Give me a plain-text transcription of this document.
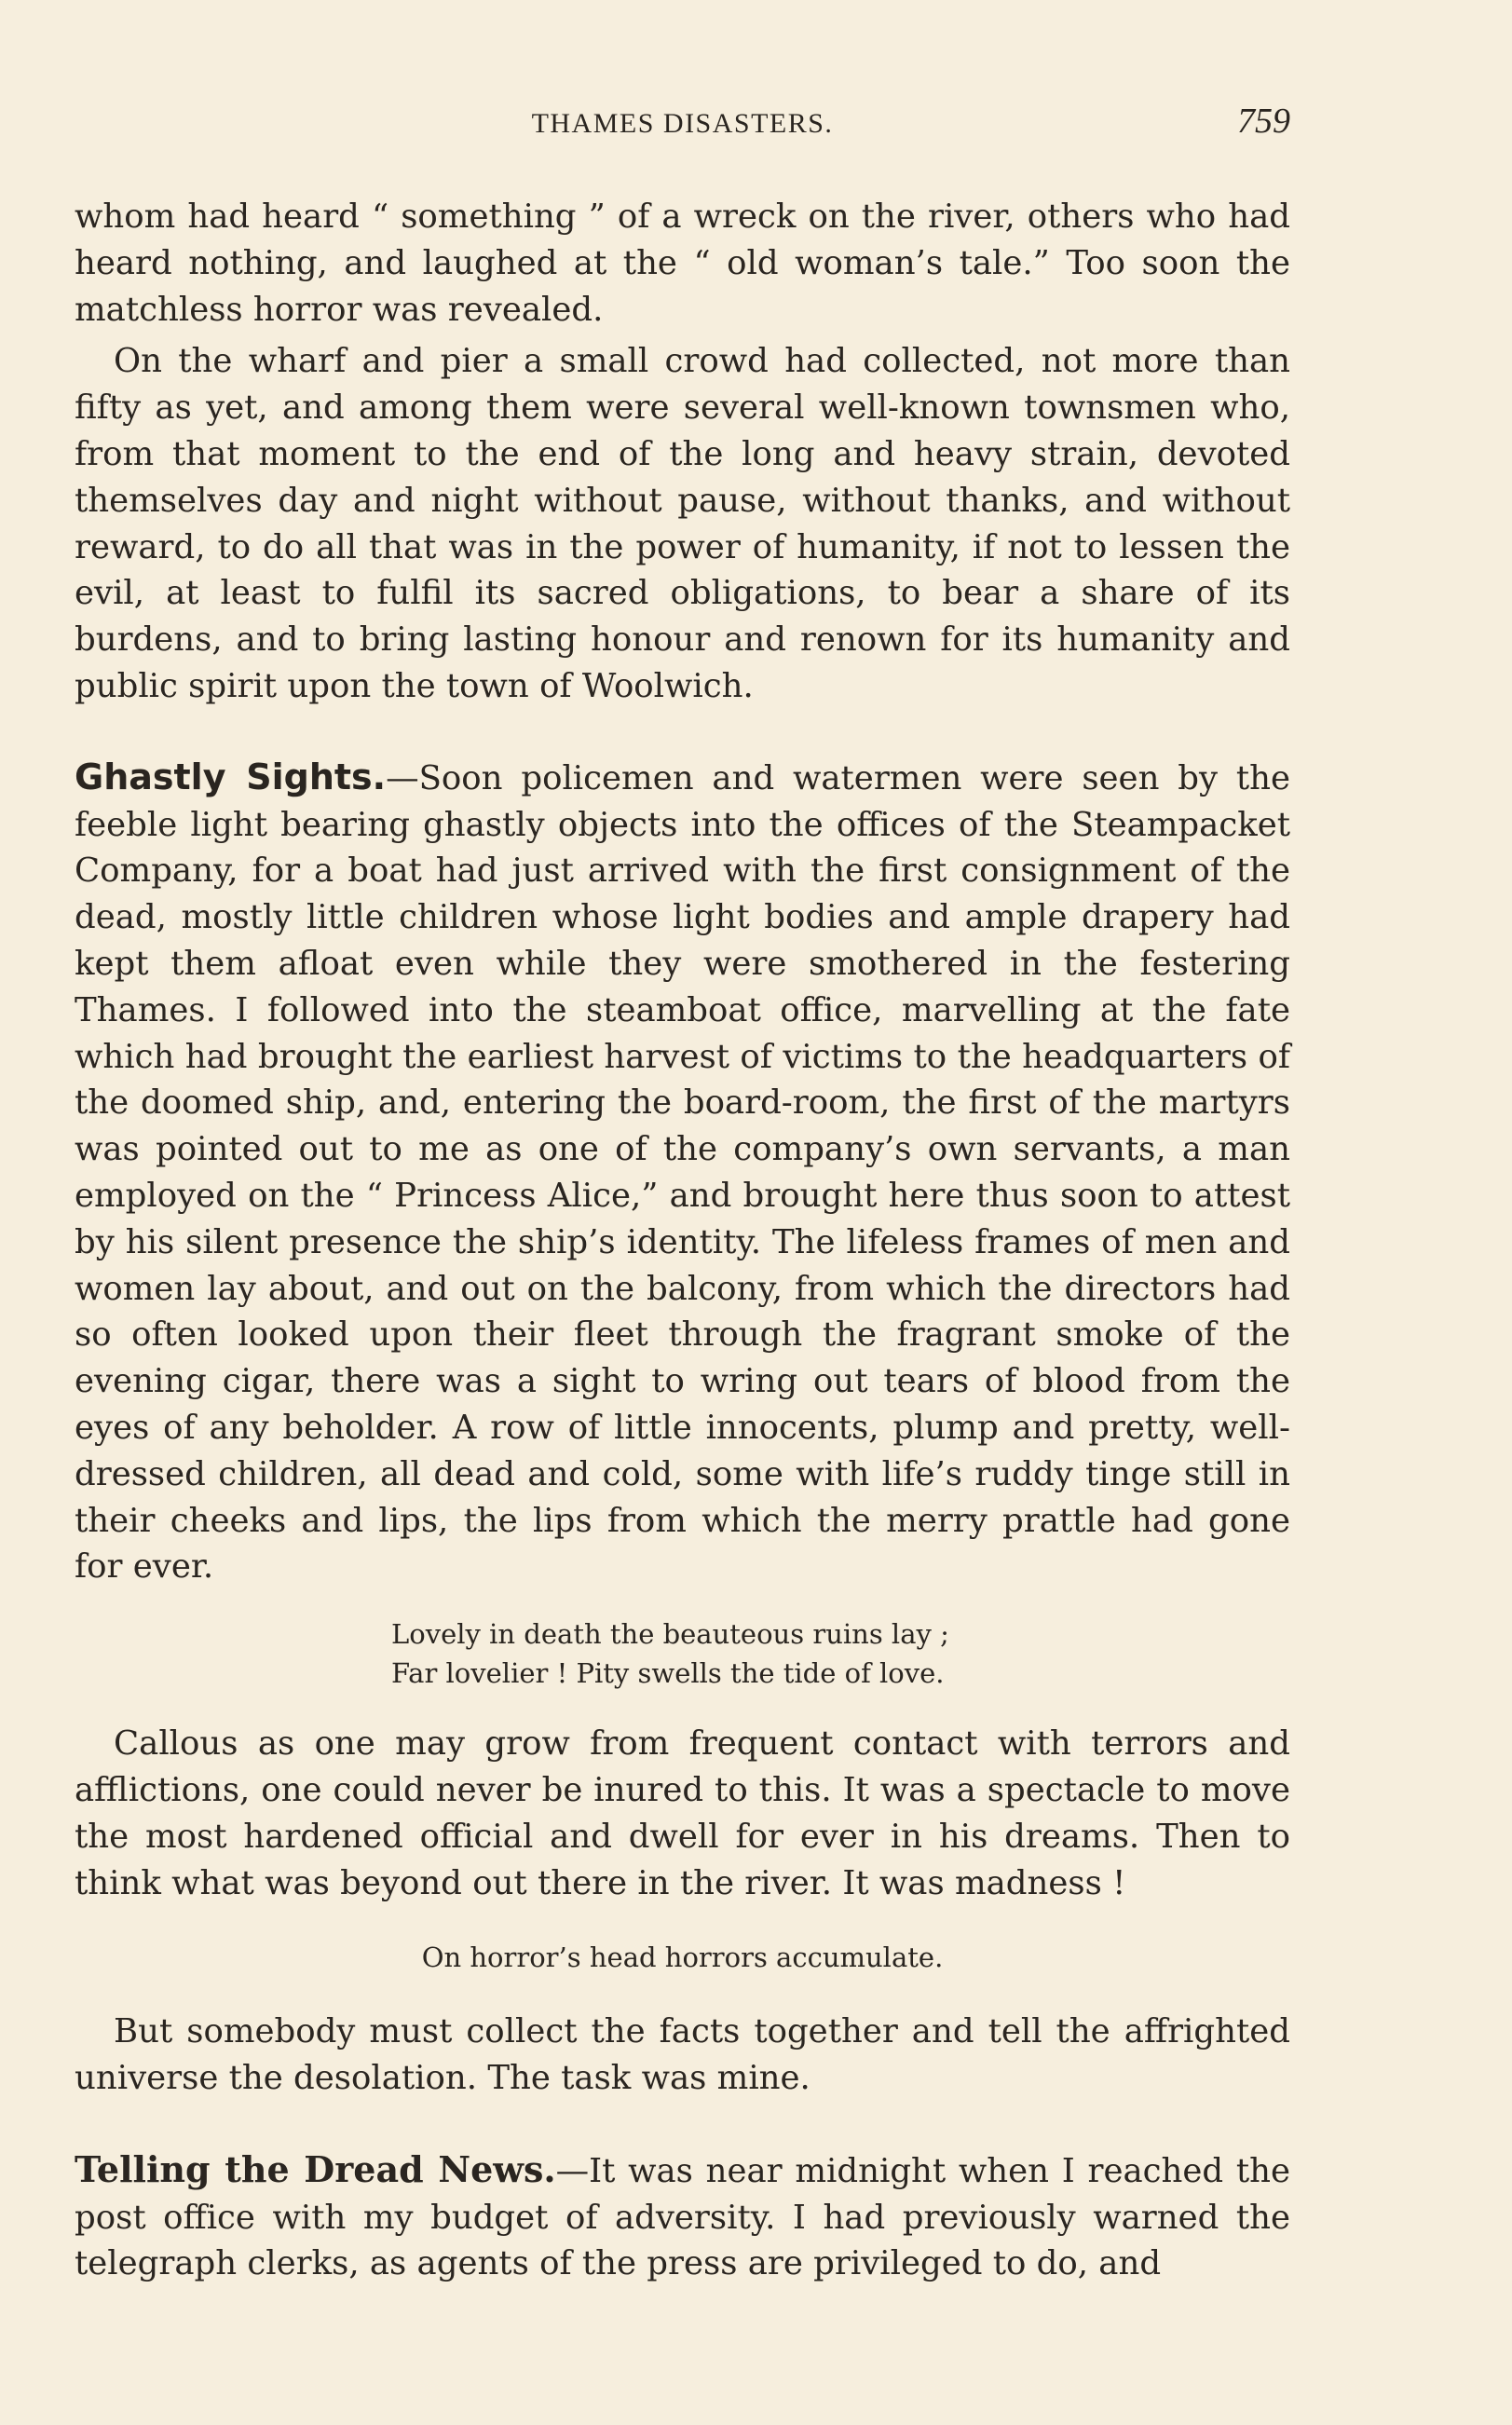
THAMES DISASTERS.	759

whom had heard “ something ” of a wreck on the river, others who had heard nothing, and laughed at the “ old woman’s tale.” Too soon the matchless horror was revealed.

On the wharf and pier a small crowd had collected, not more than fifty as yet, and among them were several well-known townsmen who, from that moment to the end of the long and heavy strain, devoted themselves day and night without pause, without thanks, and without reward, to do all that was in the power of humanity, if not to lessen the evil, at least to fulfil its sacred obligations, to bear a share of its burdens, and to bring lasting honour and renown for its humanity and public spirit upon the town of Woolwich.

Ghastly Sights.—Soon policemen and watermen were seen by the feeble light bearing ghastly objects into the offices of the Steampacket Company, for a boat had just arrived with the first consignment of the dead, mostly little children whose light bodies and ample drapery had kept them afloat even while they were smothered in the festering Thames. I followed into the steamboat office, marvelling at the fate which had brought the earliest harvest of victims to the headquarters of the doomed ship, and, entering the board-room, the first of the martyrs was pointed out to me as one of the company’s own servants, a man employed on the “ Princess Alice,” and brought here thus soon to attest by his silent presence the ship’s identity. The lifeless frames of men and women lay about, and out on the balcony, from which the directors had so often looked upon their fleet through the fragrant smoke of the evening cigar, there was a sight to wring out tears of blood from the eyes of any beholder. A row of little innocents, plump and pretty, well-dressed children, all dead and cold, some with life’s ruddy tinge still in their cheeks and lips, the lips from which the merry prattle had gone for ever.

Lovely in death the beauteous ruins lay ;
Far lovelier ! Pity swells the tide of love.

Callous as one may grow from frequent contact with terrors and afflictions, one could never be inured to this. It was a spectacle to move the most hardened official and dwell for ever in his dreams. Then to think what was beyond out there in the river. It was madness !

On horror’s head horrors accumulate.

But somebody must collect the facts together and tell the affrighted universe the desolation. The task was mine.

Telling the Dread News.—It was near midnight when I reached the post office with my budget of adversity. I had previously warned the telegraph clerks, as agents of the press are privileged to do, and
